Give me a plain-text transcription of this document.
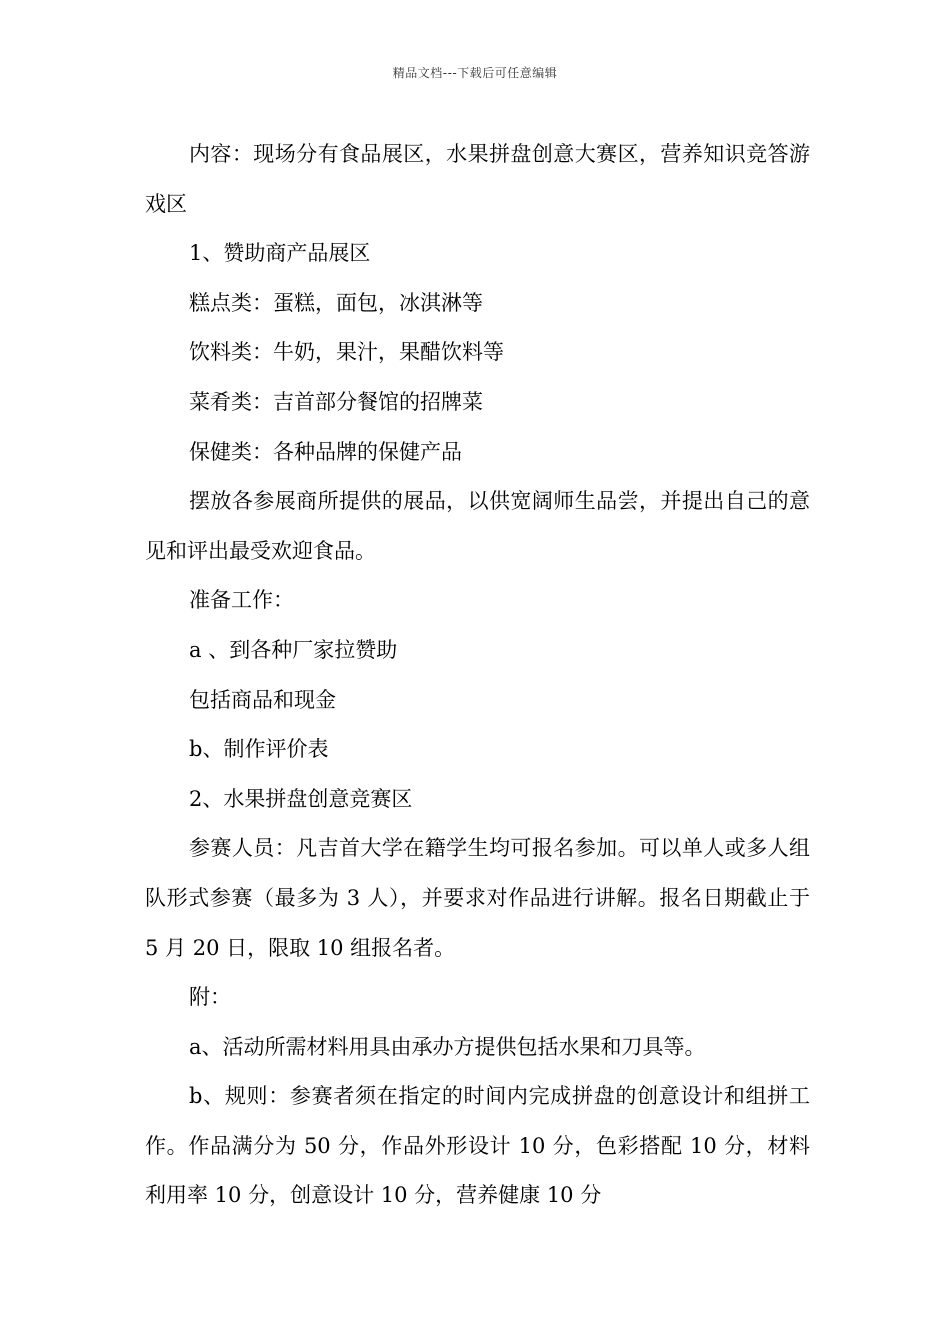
精品文档---下载后可任意编辑

内容：现场分有食品展区，水果拼盘创意大赛区，营养知识竞答游戏区

1、赞助商产品展区

糕点类：蛋糕，面包，冰淇淋等

饮料类：牛奶，果汁，果醋饮料等

菜肴类：吉首部分餐馆的招牌菜

保健类：各种品牌的保健产品

摆放各参展商所提供的展品，以供宽阔师生品尝，并提出自己的意见和评出最受欢迎食品。

准备工作：

a 、到各种厂家拉赞助

包括商品和现金

b、制作评价表

2、水果拼盘创意竞赛区

参赛人员：凡吉首大学在籍学生均可报名参加。可以单人或多人组队形式参赛（最多为 3 人），并要求对作品进行讲解。报名日期截止于 5 月 20 日，限取 10 组报名者。

附：

a、活动所需材料用具由承办方提供包括水果和刀具等。

b、规则：参赛者须在指定的时间内完成拼盘的创意设计和组拼工作。作品满分为 50 分，作品外形设计 10 分，色彩搭配 10 分，材料利用率 10 分，创意设计 10 分，营养健康 10 分
